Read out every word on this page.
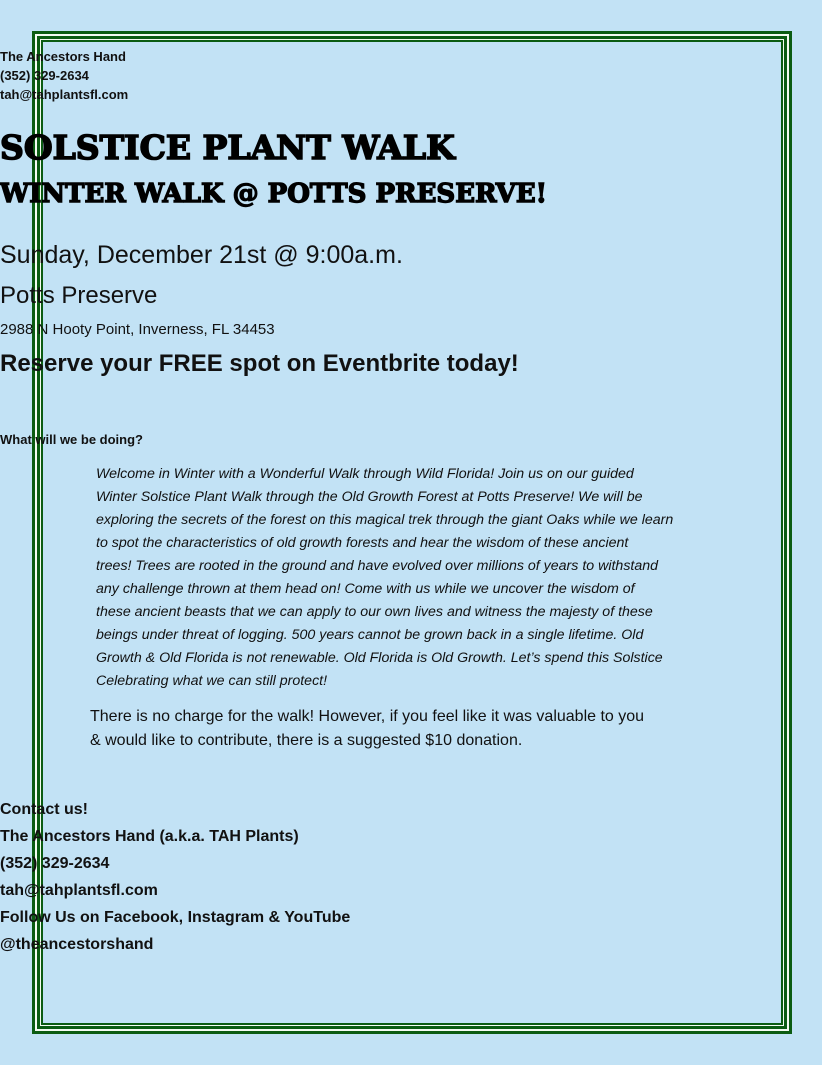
The Ancestors Hand
(352) 329-2634
tah@tahplantsfl.com
SOLSTICE PLANT WALK
WINTER WALK @ POTTS PRESERVE!
Sunday, December 21st @ 9:00a.m.
Potts Preserve
2988 N Hooty Point, Inverness, FL 34453
Reserve your FREE spot on Eventbrite today!
What will we be doing?
Welcome in Winter with a Wonderful Walk through Wild Florida! Join us on our guided
Winter Solstice Plant Walk through the Old Growth Forest at Potts Preserve! We will be
exploring the secrets of the forest on this magical trek through the giant Oaks while we learn
to spot the characteristics of old growth forests and hear the wisdom of these ancient
trees! Trees are rooted in the ground and have evolved over millions of years to withstand
any challenge thrown at them head on! Come with us while we uncover the wisdom of
these ancient beasts that we can apply to our own lives and witness the majesty of these
beings under threat of logging. 500 years cannot be grown back in a single lifetime. Old
Growth & Old Florida is not renewable. Old Florida is Old Growth. Let’s spend this Solstice
Celebrating what we can still protect!
There is no charge for the walk! However, if you feel like it was valuable to you
& would like to contribute, there is a suggested $10 donation.
Contact us!
The Ancestors Hand (a.k.a. TAH Plants)
(352) 329-2634
tah@tahplantsfl.com
Follow Us on Facebook, Instagram & YouTube
@theancestorshand
